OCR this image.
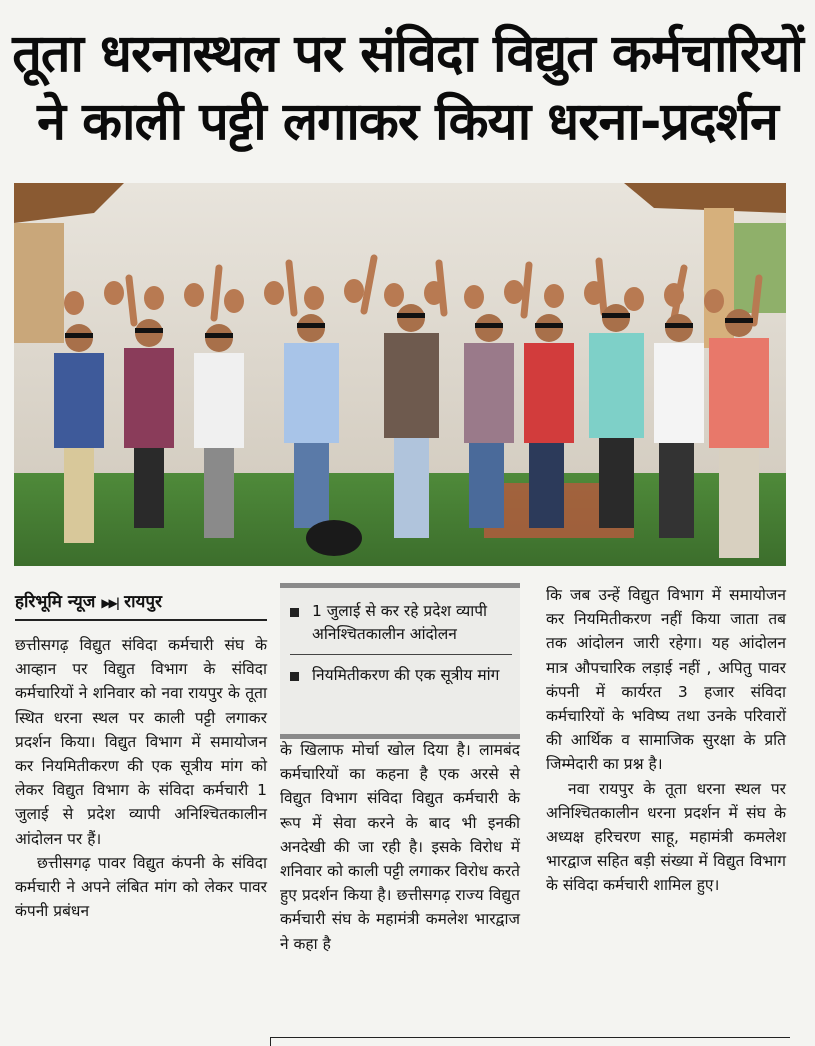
तूता धरनास्थल पर संविदा विद्युत कर्मचारियों
ने काली पट्टी लगाकर किया धरना-प्रदर्शन
हरिभूमि न्यूज ▶▶| रायपुर

छत्तीसगढ़ विद्युत संविदा कर्मचारी संघ के आव्हान पर विद्युत विभाग के संविदा कर्मचारियों ने शनिवार को नवा रायपुर के तूता स्थित धरना स्थल पर काली पट्टी लगाकर प्रदर्शन किया। विद्युत विभाग में समायोजन कर नियमितीकरण की एक सूत्रीय मांग को लेकर विद्युत विभाग के संविदा कर्मचारी 1 जुलाई से प्रदेश व्यापी अनिश्चितकालीन आंदोलन पर हैं।

छत्तीसगढ़ पावर विद्युत कंपनी के संविदा कर्मचारी ने अपने लंबित मांग को लेकर पावर कंपनी प्रबंधन

1 जुलाई से कर रहे प्रदेश व्यापी अनिश्चितकालीन आंदोलन
नियमितीकरण की एक सूत्रीय मांग

के खिलाफ मोर्चा खोल दिया है। लामबंद कर्मचारियों का कहना है एक अरसे से विद्युत विभाग संविदा विद्युत कर्मचारी के रूप में सेवा करने के बाद भी इनकी अनदेखी की जा रही है। इसके विरोध में शनिवार को काली पट्टी लगाकर विरोध करते हुए प्रदर्शन किया है। छत्तीसगढ़ राज्य विद्युत कर्मचारी संघ के महामंत्री कमलेश भारद्वाज ने कहा है

कि जब उन्हें विद्युत विभाग में समायोजन कर नियमितीकरण नहीं किया जाता तब तक आंदोलन जारी रहेगा। यह आंदोलन मात्र औपचारिक लड़ाई नहीं , अपितु पावर कंपनी में कार्यरत 3 हजार संविदा कर्मचारियों के भविष्य तथा उनके परिवारों की आर्थिक व सामाजिक सुरक्षा के प्रति जिम्मेदारी का प्रश्न है।

नवा रायपुर के तूता धरना स्थल पर अनिश्चितकालीन धरना प्रदर्शन में संघ के अध्यक्ष हरिचरण साहू, महामंत्री कमलेश भारद्वाज सहित बड़ी संख्या में विद्युत विभाग के संविदा कर्मचारी शामिल हुए।
